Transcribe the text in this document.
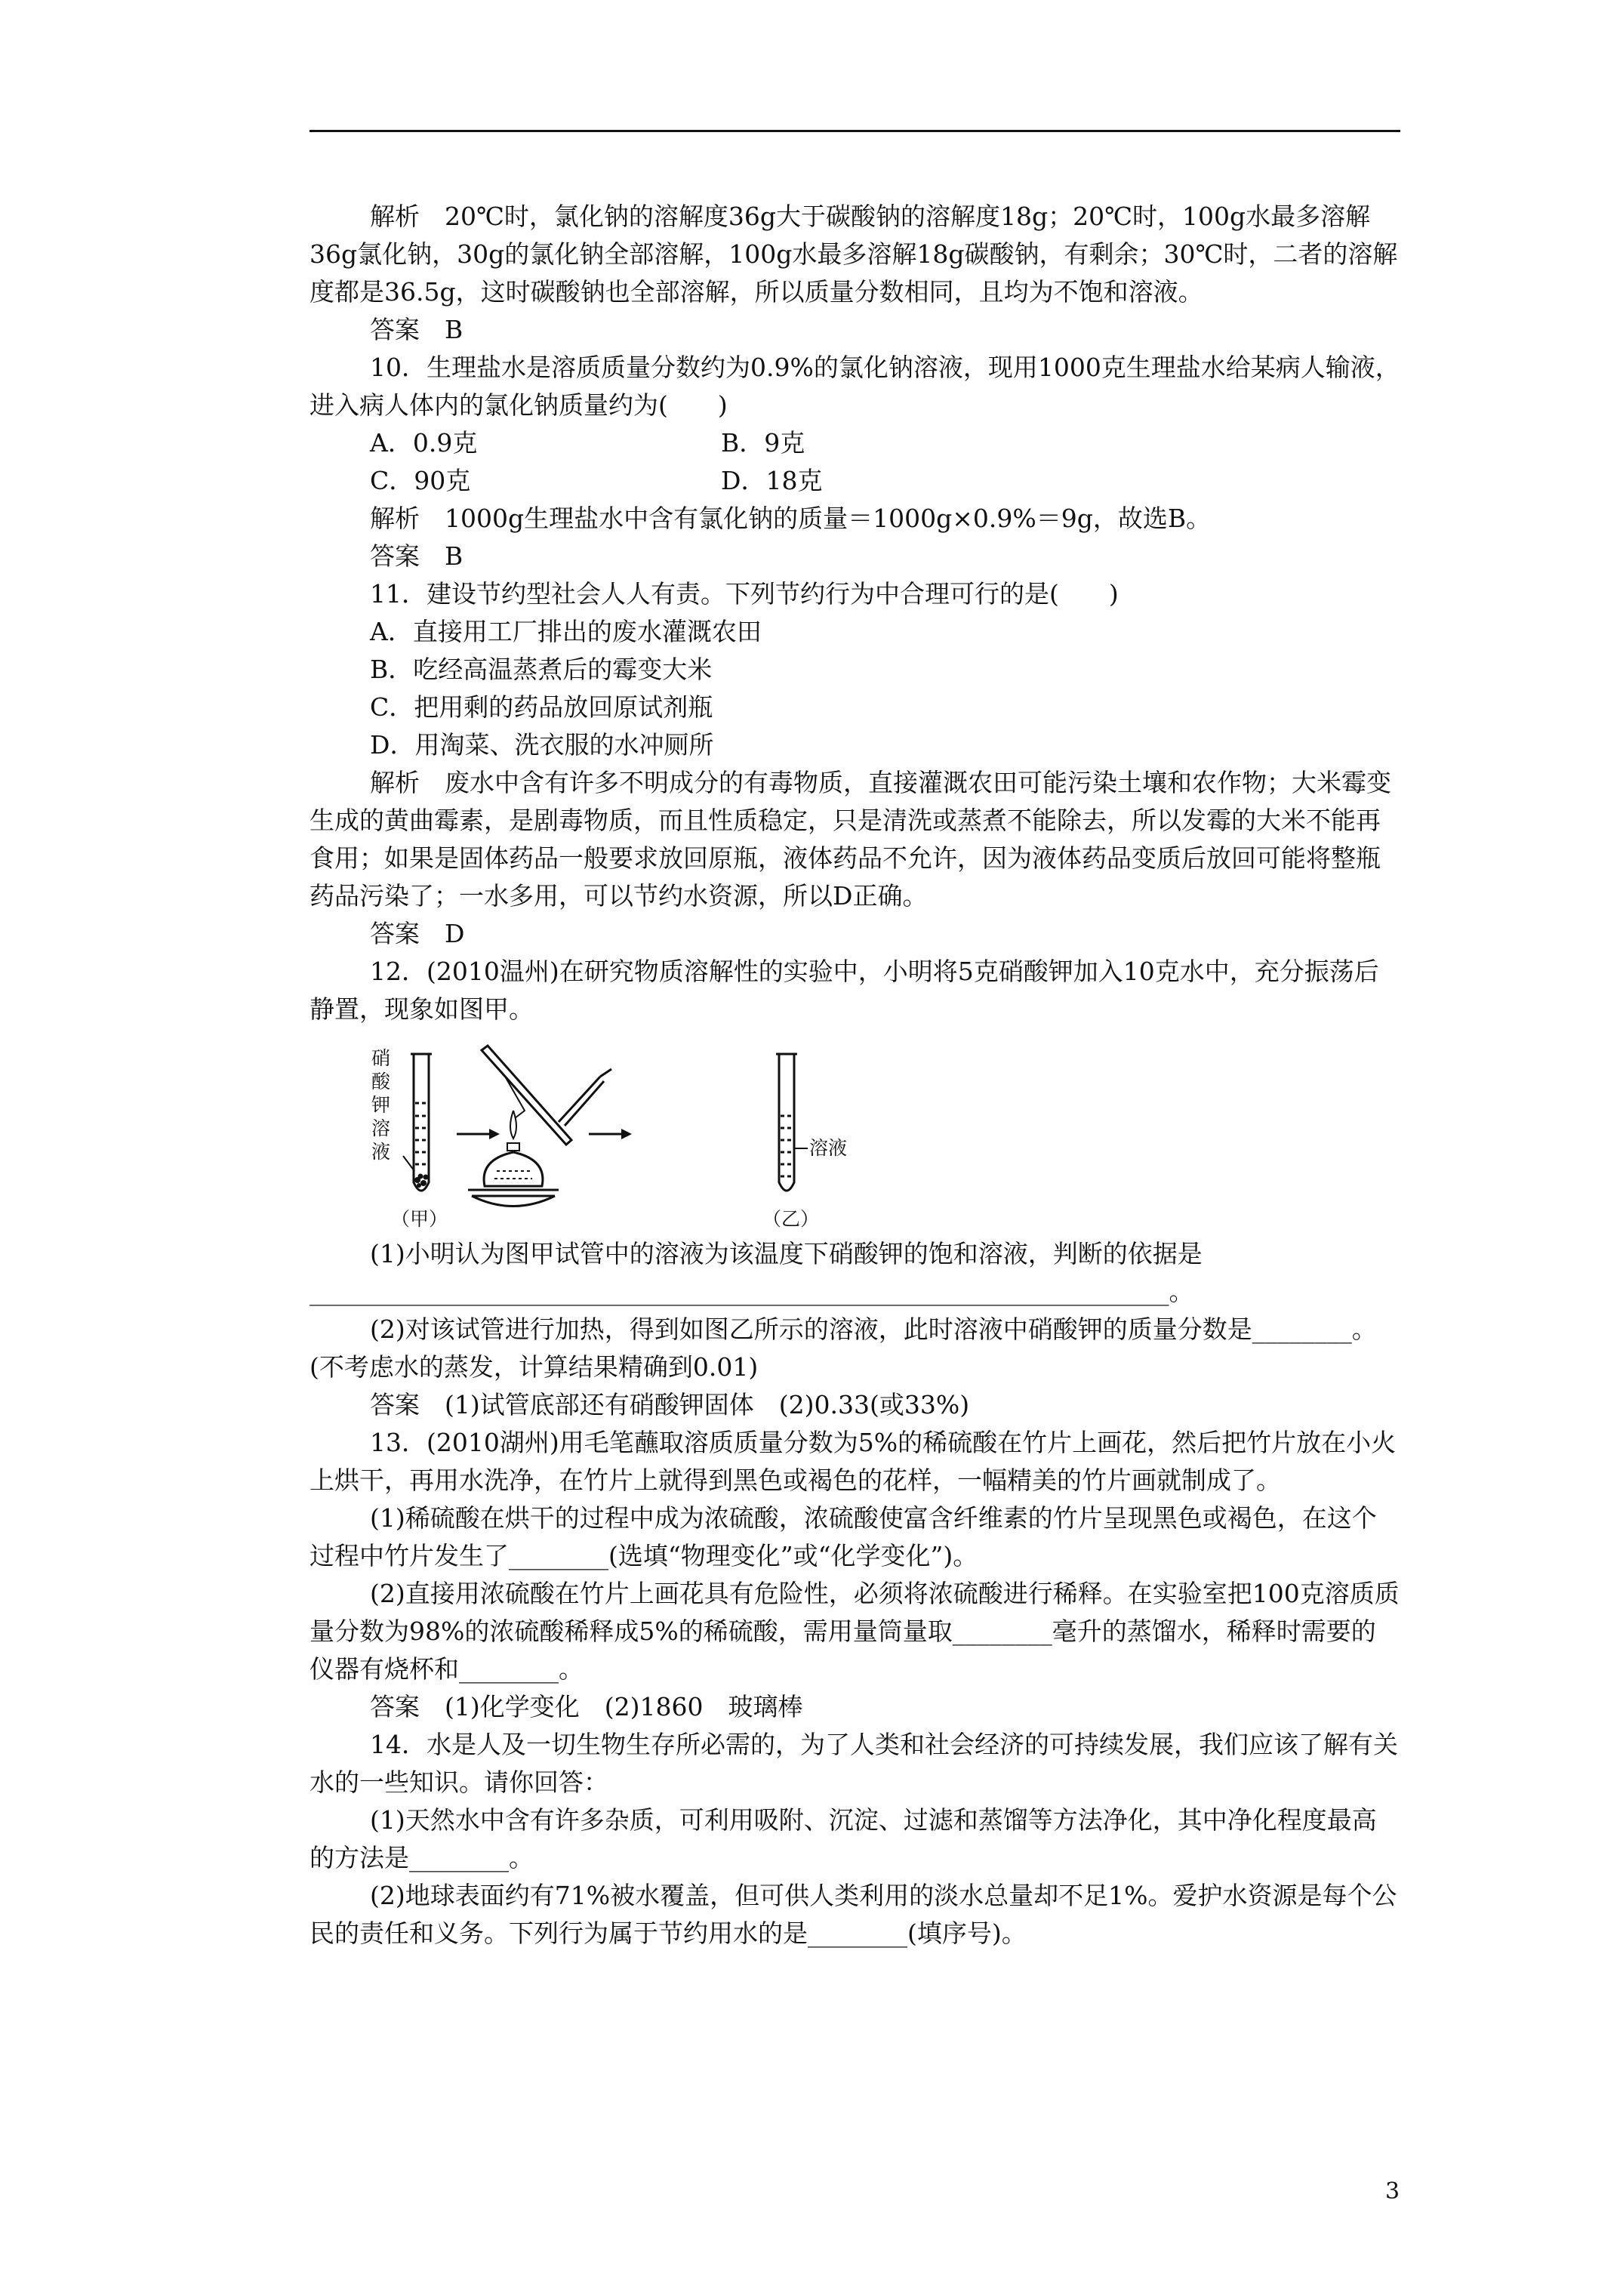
解析　20℃时，氯化钠的溶解度36g大于碳酸钠的溶解度18g；20℃时，100g水最多溶解36g氯化钠，30g的氯化钠全部溶解，100g水最多溶解18g碳酸钠，有剩余；30℃时，二者的溶解度都是36.5g，这时碳酸钠也全部溶解，所以质量分数相同，且均为不饱和溶液。

答案　B

10．生理盐水是溶质质量分数约为0.9%的氯化钠溶液，现用1000克生理盐水给某病人输液，进入病人体内的氯化钠质量约为(　　)

A．0.9克	B．9克
C．90克	D．18克

解析　1000g生理盐水中含有氯化钠的质量＝1000g×0.9%＝9g，故选B。

答案　B

11．建设节约型社会人人有责。下列节约行为中合理可行的是(　　)

A．直接用工厂排出的废水灌溉农田

B．吃经高温蒸煮后的霉变大米

C．把用剩的药品放回原试剂瓶

D．用淘菜、洗衣服的水冲厕所

解析　废水中含有许多不明成分的有毒物质，直接灌溉农田可能污染土壤和农作物；大米霉变生成的黄曲霉素，是剧毒物质，而且性质稳定，只是清洗或蒸煮不能除去，所以发霉的大米不能再食用；如果是固体药品一般要求放回原瓶，液体药品不允许，因为液体药品变质后放回可能将整瓶药品污染了；一水多用，可以节约水资源，所以D正确。

答案　D

12．(2010温州)在研究物质溶解性的实验中，小明将5克硝酸钾加入10克水中，充分振荡后静置，现象如图甲。

硝
酸
钾
溶
液	溶液
（甲）	（乙）

(1)小明认为图甲试管中的溶液为该温度下硝酸钾的饱和溶液，判断的依据是

_____________________________________________________________________。

(2)对该试管进行加热，得到如图乙所示的溶液，此时溶液中硝酸钾的质量分数是________。(不考虑水的蒸发，计算结果精确到0.01)

答案　(1)试管底部还有硝酸钾固体　(2)0.33(或33%)

13．(2010湖州)用毛笔蘸取溶质质量分数为5%的稀硫酸在竹片上画花，然后把竹片放在小火上烘干，再用水洗净，在竹片上就得到黑色或褐色的花样，一幅精美的竹片画就制成了。

(1)稀硫酸在烘干的过程中成为浓硫酸，浓硫酸使富含纤维素的竹片呈现黑色或褐色，在这个过程中竹片发生了________(选填“物理变化”或“化学变化”)。

(2)直接用浓硫酸在竹片上画花具有危险性，必须将浓硫酸进行稀释。在实验室把100克溶质质量分数为98%的浓硫酸稀释成5%的稀硫酸，需用量筒量取________毫升的蒸馏水，稀释时需要的仪器有烧杯和________。

答案　(1)化学变化　(2)1860　玻璃棒

14．水是人及一切生物生存所必需的，为了人类和社会经济的可持续发展，我们应该了解有关水的一些知识。请你回答：

(1)天然水中含有许多杂质，可利用吸附、沉淀、过滤和蒸馏等方法净化，其中净化程度最高的方法是________。

(2)地球表面约有71%被水覆盖，但可供人类利用的淡水总量却不足1%。爱护水资源是每个公民的责任和义务。下列行为属于节约用水的是________(填序号)。

3
